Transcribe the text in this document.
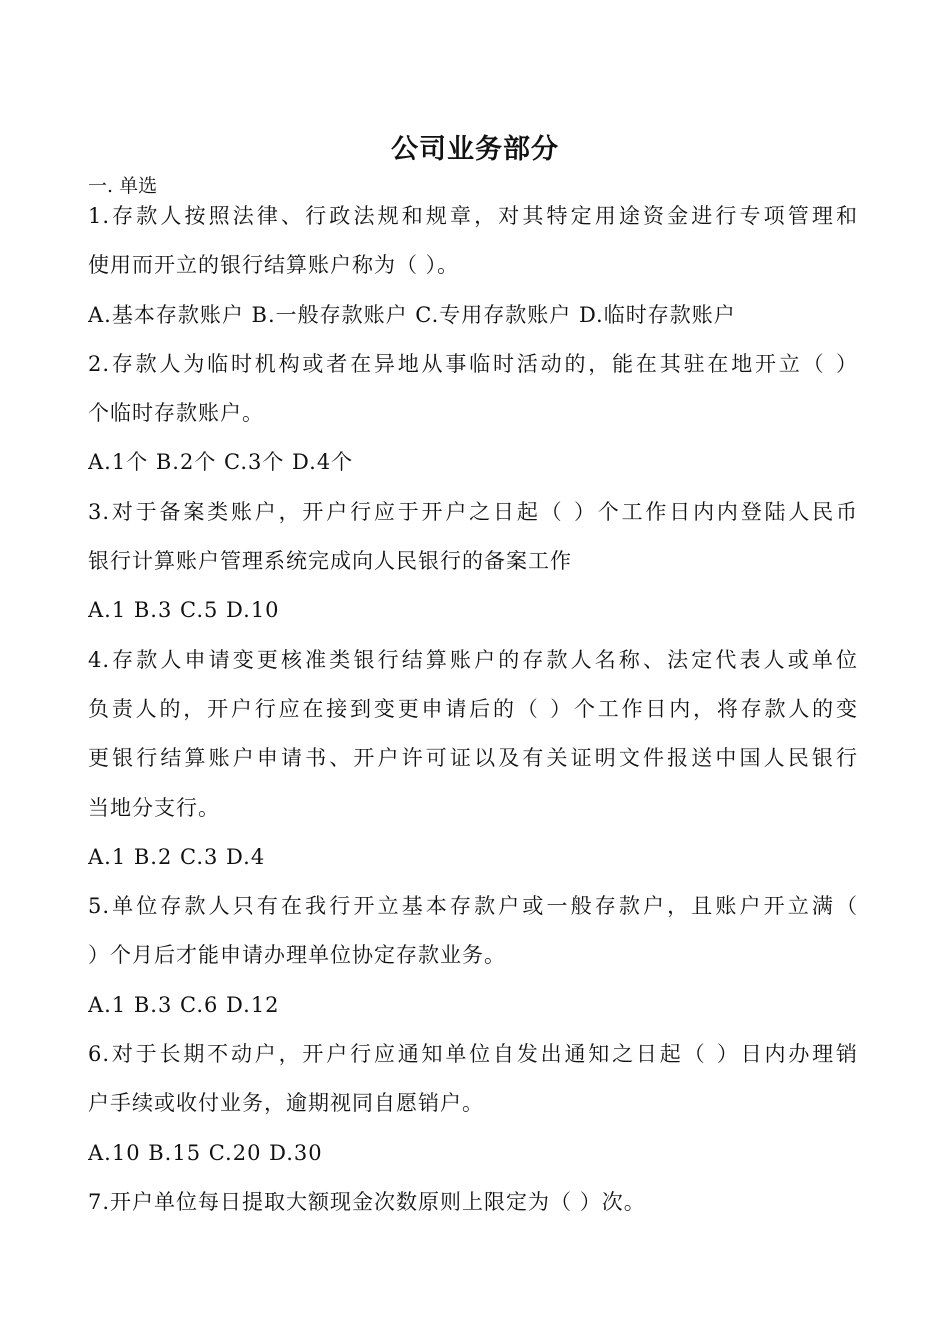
公司业务部分
一. 单选
1.存款人按照法律、行政法规和规章，对其特定用途资金进行专项管理和
使用而开立的银行结算账户称为（ ）。
A.基本存款账户 B.一般存款账户 C.专用存款账户 D.临时存款账户
2.存款人为临时机构或者在异地从事临时活动的，能在其驻在地开立（ ）
个临时存款账户。
A.1个 B.2个 C.3个 D.4个
3.对于备案类账户，开户行应于开户之日起（ ）个工作日内内登陆人民币
银行计算账户管理系统完成向人民银行的备案工作
A.1 B.3 C.5 D.10
4.存款人申请变更核准类银行结算账户的存款人名称、法定代表人或单位
负责人的，开户行应在接到变更申请后的（ ）个工作日内，将存款人的变
更银行结算账户申请书、开户许可证以及有关证明文件报送中国人民银行
当地分支行。
A.1 B.2 C.3 D.4
5.单位存款人只有在我行开立基本存款户或一般存款户，且账户开立满（
）个月后才能申请办理单位协定存款业务。
A.1 B.3 C.6 D.12
6.对于长期不动户，开户行应通知单位自发出通知之日起（ ）日内办理销
户手续或收付业务，逾期视同自愿销户。
A.10 B.15 C.20 D.30
7.开户单位每日提取大额现金次数原则上限定为（ ）次。
